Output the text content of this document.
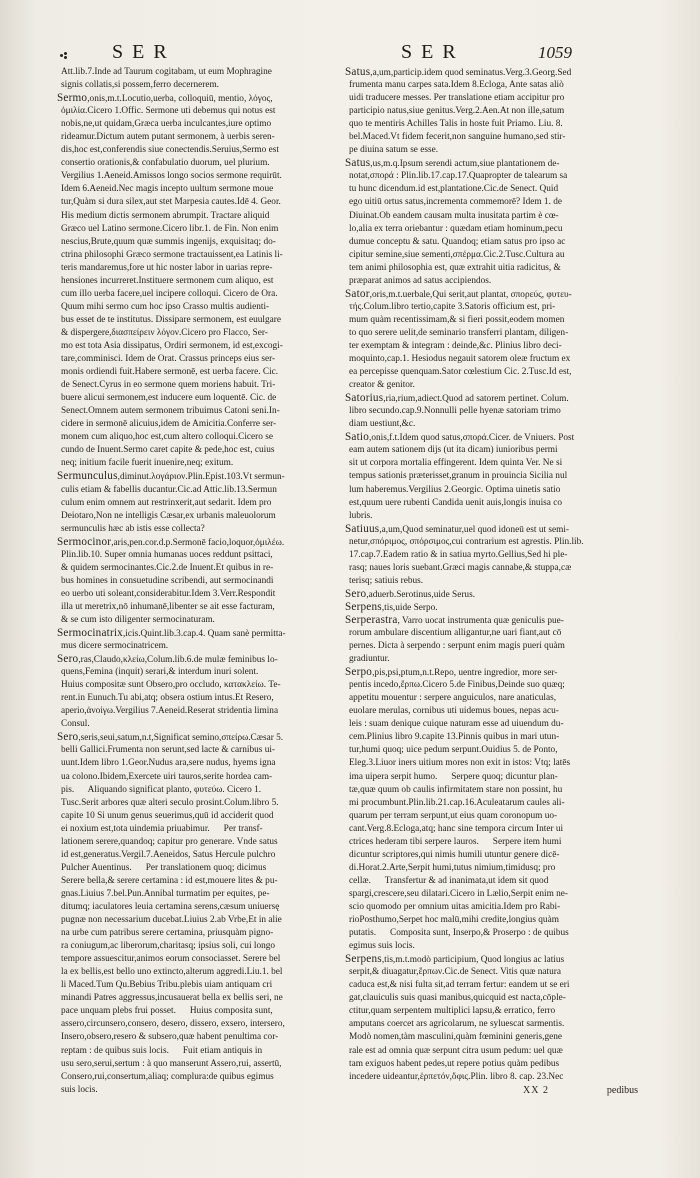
SER	SER	1059
Att.lib.7.Inde ad Taurum cogitabam, ut eum Mophragine
signis collatis,si possem,ferro decernerem.
Sermo,onis,m.t.Locutio,uerba, colloquiū, mentio, λόγος,
ὁμιλία.Cicero 1.Offic. Sermone uti debemus qui notus est
nobis,ne,ut quidam,Græca uerba inculcantes,iure optimo
rideamur.Dictum autem putant sermonem, à uerbis seren-
dis,hoc est,conferendis siue conectendis.Seruius,Sermo est
consertio orationis,& confabulatio duorum, uel plurium.
Vergilius 1.Aeneid.Amissos longo socios sermone requirūt.
Idem 6.Aeneid.Nec magis incepto uultum sermone moue
tur,Quàm si dura silex,aut stet Marpesia cautes.Idē 4. Geor.
His medium dictis sermonem abrumpit. Tractare aliquid
Græco uel Latino sermone.Cicero libr.1. de Fin. Non enim
nescius,Brute,quum quæ summis ingenijs, exquisitaq; do-
ctrina philosophi Græco sermone tractauissent,ea Latinis li-
teris mandaremus,fore ut hic noster labor in uarias repre-
hensiones incurreret.Instituere sermonem cum aliquo, est
cum illo uerba facere,uel incipere colloqui. Cicero de Ora.
Quum mihi sermo cum hoc ipso Crasso multis audienti-
bus esset de te institutus. Dissipare sermonem, est euulgare
& dispergere,διασπείρειν λόγον.Cicero pro Flacco, Ser-
mo est tota Asia dissipatus, Ordiri sermonem, id est,excogi-
tare,comminisci. Idem de Orat. Crassus princeps eius ser-
monis ordiendi fuit.Habere sermonē, est uerba facere. Cic.
de Senect.Cyrus in eo sermone quem moriens habuit. Tri-
buere alicui sermonem,est inducere eum loquentē. Cic. de
Senect.Omnem autem sermonem tribuimus Catoni seni.In-
cidere in sermonē alicuius,idem de Amicitia.Conferre ser-
monem cum aliquo,hoc est,cum altero colloqui.Cicero se
cundo de Inuent.Sermo caret capite & pede,hoc est, cuius
neq; initium facile fuerit inuenire,neq; exitum.
Sermunculus,diminut.λογάριον.Plin.Epist.103.Vt sermun-
culis etiam & fabellis ducantur.Cic.ad Attic.lib.13.Sermun
culum enim omnem aut restrinxerit,aut sedarit. Idem pro
Deiotaro,Non ne intelligis Cæsar,ex urbanis maleuolorum
sermunculis hæc ab istis esse collecta?
Sermocinor,aris,pen.cor.d.p.Sermonē facio,loquor,ὁμιλέω.
Plin.lib.10. Super omnia humanas uoces reddunt psittaci,
& quidem sermocinantes.Cic.2.de Inuent.Et quibus in re-
bus homines in consuetudine scribendi, aut sermocinandi
eo uerbo uti soleant,considerabitur.Idem 3.Verr.Respondit
illa ut meretrix,nō inhumanē,libenter se ait esse facturam,
& se cum isto diligenter sermocinaturam.
Sermocinatrix,icis.Quint.lib.3.cap.4. Quam sanè permitta-
mus dicere sermocinatricem.
Sero,ras,Claudo,κλείω,Colum.lib.6.de mulæ feminibus lo-
quens,Femina (inquit) serari,& interdum inuri solent.
Huius compositæ sunt Obsero,pro occludo, κατακλείω. Te-
rent.in Eunuch.Tu abi,atq; obsera ostium intus.Et Resero,
aperio,ἀνοίγω.Vergilius 7.Aeneid.Reserat stridentia limina
Consul.
Sero,seris,seui,satum,n.t,Significat semino,σπείρω.Cæsar 5.
belli Gallici.Frumenta non serunt,sed lacte & carnibus ui-
uunt.Idem libro 1.Geor.Nudus ara,sere nudus, hyems igna
ua colono.Ibidem,Exercete uiri tauros,serite hordea cam-
pis.      Aliquando significat planto, φυτεύω. Cicero 1.
Tusc.Serit arbores quæ alteri seculo prosint.Colum.libro 5.
capite 10 Si unum genus seuerimus,quū id acciderit quod
ei noxium est,tota uindemia priuabimur.      Per transf-
lationem serere,quandoq; capitur pro generare. Vnde satus
id est,generatus.Vergil.7.Aeneidos, Satus Hercule pulchro
Pulcher Auentinus.      Per translationem quoq; dicimus
Serere bella,& serere certamina : id est,mouere lites & pu-
gnas.Liuius 7.bel.Pun.Annibal turmatim per equites, pe-
ditumq; iaculatores leuia certamina serens,cæsum uniuersę
pugnæ non necessarium ducebat.Liuius 2.ab Vrbe,Et in alie
na urbe cum patribus serere certamina, priusquàm pigno-
ra coniugum,ac liberorum,charitasq; ipsius soli, cui longo
tempore assuescitur,animos eorum consociasset. Serere bel
la ex bellis,est bello uno extincto,alterum aggredi.Liu.1. bel
li Maced.Tum Qu.Bebius Tribu.plebis uiam antiquam cri
minandi Patres aggressus,incusauerat bella ex bellis seri, ne
pace unquam plebs frui posset.      Huius composita sunt,
assero,circunsero,consero, desero, dissero, exsero, intersero,
Insero,obsero,resero & subsero,quæ habent penultima cor-
reptam : de quibus suis locis.      Fuit etiam antiquis in
usu sero,serui,sertum : à quo manserunt Assero,rui, assertū,
Consero,rui,consertum,aliaq; complura:de quibus egimus
suis locis.
Satus,a,um,particip.idem quod seminatus.Verg.3.Georg.Sed
frumenta manu carpes sata.Idem 8.Ecloga, Ante satas aliò
uidi traducere messes. Per translatione etiam accipitur pro
participio natus,siue genitus.Verg.2.Aen.At non ille,satum
quo te mentiris Achilles Talis in hoste fuit Priamo. Liu. 8.
bel.Maced.Vt fidem fecerit,non sanguine humano,sed stir-
pe diuina satum se esse.
Satus,us,m.q.Ipsum serendi actum,siue plantationem de-
notat,σπορά : Plin.lib.17.cap.17.Quapropter de talearum sa
tu hunc dicendum.id est,plantatione.Cic.de Senect. Quid
ego uitiū ortus satus,incrementa commemorē? Idem 1. de
Diuinat.Ob eandem causam multa inusitata partim è cœ-
lo,alia ex terra oriebantur : quædam etiam hominum,pecu
dumue conceptu & satu. Quandoq; etiam satus pro ipso ac
cipitur semine,siue sementi,σπέρμα.Cic.2.Tusc.Cultura au
tem animi philosophia est, quæ extrahit uitia radicitus, &
præparat animos ad satus accipiendos.
Sator,oris,m.t.uerbale,Qui serit,aut plantat, σπορεύς, φυτευ-
τής.Colum.libro tertio,capite 3.Satoris officium est, pri-
mum quàm recentissimam,& si fieri possit,eodem momen
to quo serere uelit,de seminario transferri plantam, diligen-
ter exemptam & integram : deinde,&c. Plinius libro deci-
moquinto,cap.1. Hesiodus negauit satorem oleæ fructum ex
ea percepisse quenquam.Sator cœlestium Cic. 2.Tusc.Id est,
creator & genitor.
Satorius,ria,rium,adiect.Quod ad satorem pertinet. Colum.
libro secundo.cap.9.Nonnulli pelle hyenæ satoriam trimo
diam uestiunt,&c.
Satio,onis,f.t.Idem quod satus,σπορά.Cicer. de Vniuers. Post
eam autem sationem dijs (ut ita dicam) iunioribus permi
sit ut corpora mortalia effingerent. Idem quinta Ver. Ne si
tempus sationis præterisset,granum in prouincia Sicilia nul
lum haberemus.Vergilius 2.Georgic. Optima uinetis satio
est,quum uere rubenti Candida uenit auis,longis inuisa co
lubris.
Satiuus,a,um,Quod seminatur,uel quod idoneū est ut semi-
netur,σπόριμος, σπόρσιμος,cui contrarium est agrestis. Plin.lib.
17.cap.7.Eadem ratio & in satiua myrto.Gellius,Sed hi ple-
rasq; naues loris suebant.Græci magis cannabe,& stuppa,cæ
terisq; satiuis rebus.
Sero,aduerb.Serotinus,uide Serus.
Serpens,tis,uide Serpo.
Serperastra, Varro uocat instrumenta quæ geniculis pue-
rorum ambulare discentium alligantur,ne uari fiant,aut cō
pernes. Dicta à serpendo : serpunt enim magis pueri quàm
gradiuntur.
Serpo,pis,psi,ptum,n.t.Repo, uentre ingredior, more ser-
pentis incedo,ἕρπω.Cicero 5.de Finibus,Deinde suo quæq;
appetitu mouentur : serpere anguiculos, nare anaticulas,
euolare merulas, cornibus uti uidemus boues, nepas acu-
leis : suam denique cuique naturam esse ad uiuendum du-
cem.Plinius libro 9.capite 13.Pinnis quibus in mari utun-
tur,humi quoq; uice pedum serpunt.Ouidius 5. de Ponto,
Eleg.3.Liuor iners uitium mores non exit in istos: Vtq; latēs
ima uipera serpit humo.      Serpere quoq; dicuntur plan-
tæ,quæ quum ob caulis infirmitatem stare non possint, hu
mi procumbunt.Plin.lib.21.cap.16.Aculeatarum caules ali-
quarum per terram serpunt,ut eius quam coronopum uo-
cant.Verg.8.Ecloga,atq; hanc sine tempora circum Inter ui
ctrices hederam tibi serpere lauros.      Serpere item humi
dicuntur scriptores,qui nimis humili utuntur genere dicē-
di.Horat.2.Arte,Serpit humi,tutus nimium,timidusq; pro
cellæ.      Transfertur & ad inanimata,ut idem sit quod
spargi,crescere,seu dilatari.Cicero in Lælio,Serpit enim ne-
scio quomodo per omnium uitas amicitia.Idem pro Rabi-
rioPosthumo,Serpet hoc malū,mihi credite,longius quàm
putatis.      Composita sunt, Inserpo,& Proserpo : de quibus
egimus suis locis.
Serpens,tis,m.t.modò participium, Quod longius ac latius
serpit,& diuagatur,ἕρπων.Cic.de Senect. Vitis quæ natura
caduca est,& nisi fulta sit,ad terram fertur: eandem ut se eri
gat,clauiculis suis quasi manibus,quicquid est nacta,cōple-
ctitur,quam serpentem multiplici lapsu,& erratico, ferro
amputans coercet ars agricolarum, ne syluescat sarmentis.
Modò nomen,tàm masculini,quàm fœminini generis,gene
rale est ad omnia quæ serpunt citra usum pedum: uel quæ
tam exiguos habent pedes,ut repere potius quàm pedibus
incedere uideantur,ἑρπετόν,ὄφις.Plin. libro 8. cap. 23.Nec
XX 2	pedibus
